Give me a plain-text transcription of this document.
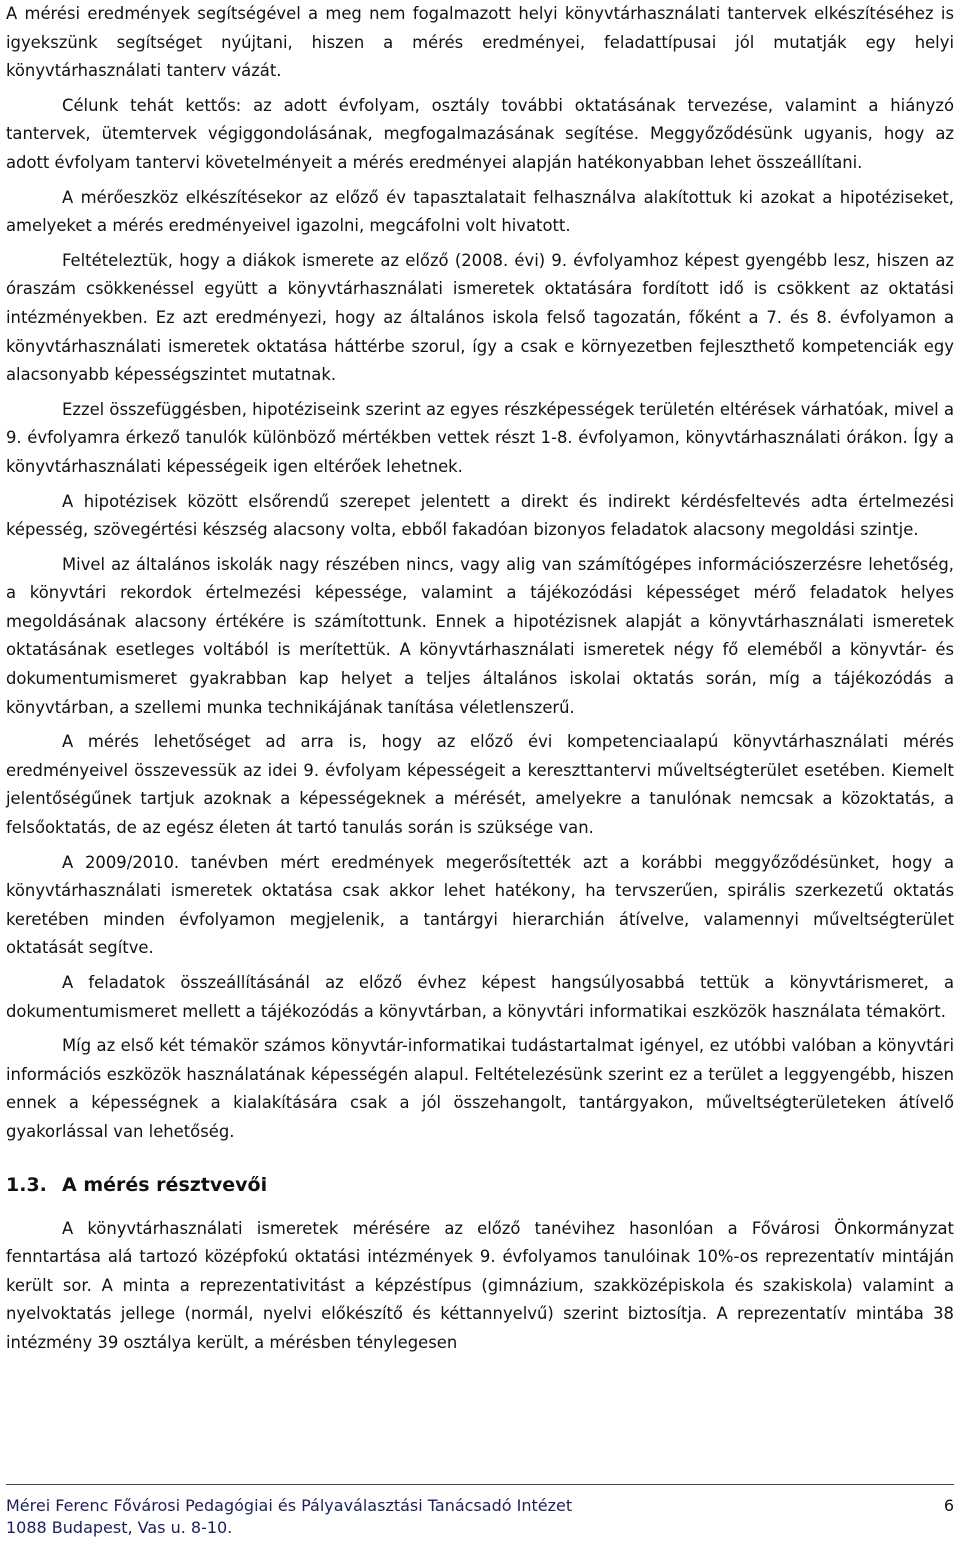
A mérési eredmények segítségével a meg nem fogalmazott helyi könyvtárhasználati tantervek elkészítéséhez is igyekszünk segítséget nyújtani, hiszen a mérés eredményei, feladattípusai jól mutatják egy helyi könyvtárhasználati tanterv vázát.

Célunk tehát kettős: az adott évfolyam, osztály további oktatásának tervezése, valamint a hiányzó tantervek, ütemtervek végiggondolásának, megfogalmazásának segítése. Meggyőződésünk ugyanis, hogy az adott évfolyam tantervi követelményeit a mérés eredményei alapján hatékonyabban lehet összeállítani.

A mérőeszköz elkészítésekor az előző év tapasztalatait felhasználva alakítottuk ki azokat a hipotéziseket, amelyeket a mérés eredményeivel igazolni, megcáfolni volt hivatott.

Feltételeztük, hogy a diákok ismerete az előző (2008. évi) 9. évfolyamhoz képest gyengébb lesz, hiszen az óraszám csökkenéssel együtt a könyvtárhasználati ismeretek oktatására fordított idő is csökkent az oktatási intézményekben. Ez azt eredményezi, hogy az általános iskola felső tagozatán, főként a 7. és 8. évfolyamon a könyvtárhasználati ismeretek oktatása háttérbe szorul, így a csak e környezetben fejleszthető kompetenciák egy alacsonyabb képességszintet mutatnak.

Ezzel összefüggésben, hipotéziseink szerint az egyes részképességek területén eltérések várhatóak, mivel a 9. évfolyamra érkező tanulók különböző mértékben vettek részt 1-8. évfolyamon, könyvtárhasználati órákon. Így a könyvtárhasználati képességeik igen eltérőek lehetnek.

A hipotézisek között elsőrendű szerepet jelentett a direkt és indirekt kérdésfeltevés adta értelmezési képesség, szövegértési készség alacsony volta, ebből fakadóan bizonyos feladatok alacsony megoldási szintje.

Mivel az általános iskolák nagy részében nincs, vagy alig van számítógépes információszerzésre lehetőség, a könyvtári rekordok értelmezési képessége, valamint a tájékozódási képességet mérő feladatok helyes megoldásának alacsony értékére is számítottunk. Ennek a hipotézisnek alapját a könyvtárhasználati ismeretek oktatásának esetleges voltából is merítettük. A könyvtárhasználati ismeretek négy fő eleméből a könyvtár- és dokumentumismeret gyakrabban kap helyet a teljes általános iskolai oktatás során, míg a tájékozódás a könyvtárban, a szellemi munka technikájának tanítása véletlenszerű.

A mérés lehetőséget ad arra is, hogy az előző évi kompetenciaalapú könyvtárhasználati mérés eredményeivel összevessük az idei 9. évfolyam képességeit a kereszttantervi műveltségterület esetében. Kiemelt jelentőségűnek tartjuk azoknak a képességeknek a mérését, amelyekre a tanulónak nemcsak a közoktatás, a felsőoktatás, de az egész életen át tartó tanulás során is szüksége van.

A 2009/2010. tanévben mért eredmények megerősítették azt a korábbi meggyőződésünket, hogy a könyvtárhasználati ismeretek oktatása csak akkor lehet hatékony, ha tervszerűen, spirális szerkezetű oktatás keretében minden évfolyamon megjelenik, a tantárgyi hierarchián átívelve, valamennyi műveltségterület oktatását segítve.

A feladatok összeállításánál az előző évhez képest hangsúlyosabbá tettük a könyvtárismeret, a dokumentumismeret mellett a tájékozódás a könyvtárban, a könyvtári informatikai eszközök használata témakört.

Míg az első két témakör számos könyvtár-informatikai tudástartalmat igényel, ez utóbbi valóban a könyvtári információs eszközök használatának képességén alapul. Feltételezésünk szerint ez a terület a leggyengébb, hiszen ennek a képességnek a kialakítására csak a jól összehangolt, tantárgyakon, műveltségterületeken átívelő gyakorlással van lehetőség.

1.3. A mérés résztvevői

A könyvtárhasználati ismeretek mérésére az előző tanévihez hasonlóan a Fővárosi Önkormányzat fenntartása alá tartozó középfokú oktatási intézmények 9. évfolyamos tanulóinak 10%-os reprezentatív mintáján került sor. A minta a reprezentativitást a képzéstípus (gimnázium, szakközépiskola és szakiskola) valamint a nyelvoktatás jellege (normál, nyelvi előkészítő és kéttannyelvű) szerint biztosítja. A reprezentatív mintába 38 intézmény 39 osztálya került, a mérésben ténylegesen

Mérei Ferenc Fővárosi Pedagógiai és Pályaválasztási Tanácsadó Intézet
1088 Budapest, Vas u. 8-10.
6
